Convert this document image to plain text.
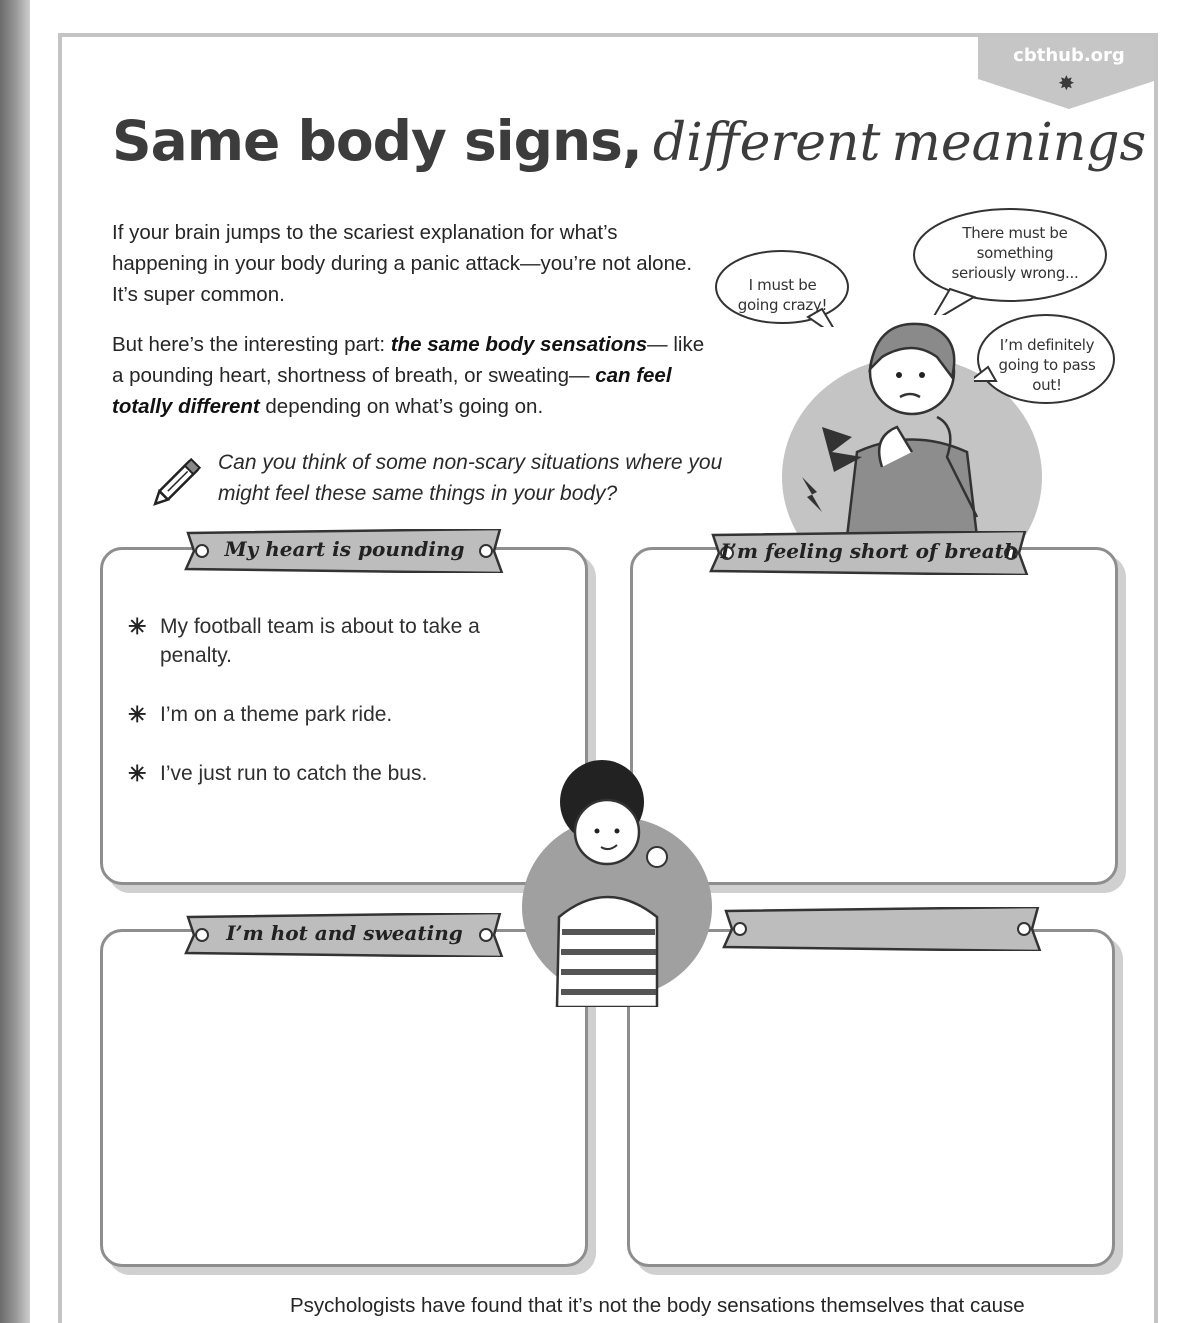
cbthub.org
✸
Same body signs, different meanings

If your brain jumps to the scariest explanation for what’s happening in your body during a panic attack—you’re not alone. It’s super common.

But here’s the interesting part: the same body sensations— like a pounding heart, shortness of breath, or sweating— can feel totally different depending on what’s going on.

Can you think of some non-scary situations where you
might feel these same things in your body?
I must be
going crazy!
There must be
something
seriously wrong...
I’m definitely
going to pass
out!
My heart is pounding
✳ My football team is about to take a penalty.
✳ I’m on a theme park ride.
✳ I’ve just run to catch the bus.
I’m feeling short of breath
I’m hot and sweating
Psychologists have found that it’s not the body sensations themselves that cause
